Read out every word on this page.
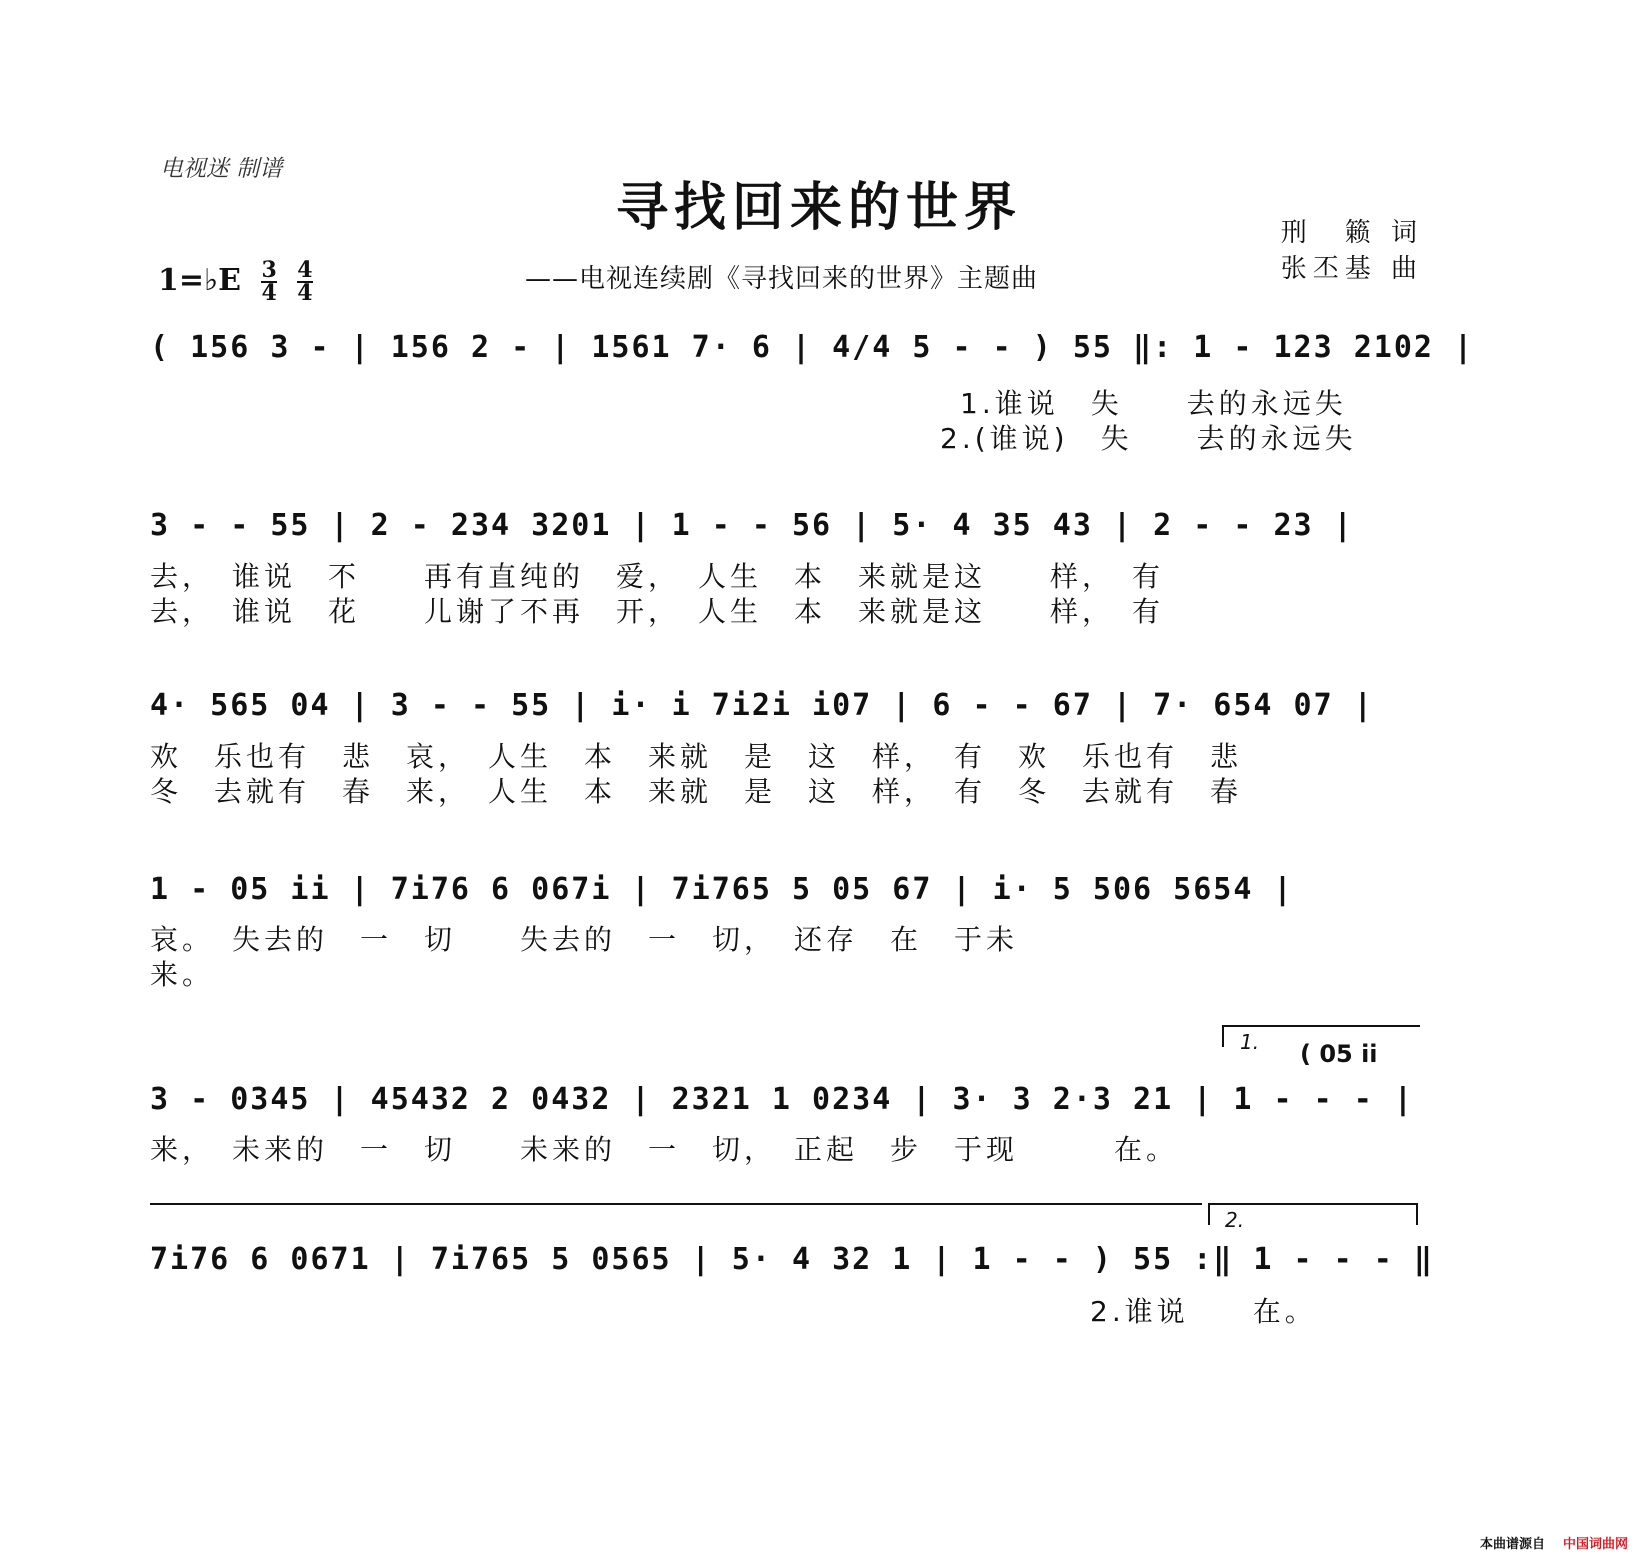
电视迷 制谱
寻找回来的世界	刑　籁 词
张丕基 曲
——电视连续剧《寻找回来的世界》主题曲
1=♭E $\frac{3}{4}$
$\frac{4}{4}$
( 156 3 - | 156 2 - | 1561 7· 6 | 4/4 5 - - ) 55 ‖: 1 - 123 2102 |
1.谁说　失　　去的永远失
2.(谁说)　失　　去的永远失
3 - - 55 | 2 - 234 3201 | 1 - - 56 | 5· 4 35 43 | 2 - - 23 |
去，　谁说　不　　再有直纯的　爱，　人生　本　来就是这　　样，　有
去，　谁说　花　　儿谢了不再　开，　人生　本　来就是这　　样，　有
4· 565 04 | 3 - - 55 | i· i 7i2i i07 | 6 - - 67 | 7· 654 07 |
欢　乐也有　悲　哀，　人生　本　来就　是　这　样，　有　欢　乐也有　悲
冬　去就有　春　来，　人生　本　来就　是　这　样，　有　冬　去就有　春
1 - 05 ii | 7i76 6 067i | 7i765 5 05 67 | i· 5 506 5654 |
哀。　失去的　一　切　　失去的　一　切，　还存　在　于未
来。
1. ( 05 ii
3 - 0345 | 45432 2 0432 | 2321 1 0234 | 3· 3 2·3 21 | 1 - - - |
来，　未来的　一　切　　未来的　一　切，　正起　步　于现　　　在。
2.
7i76 6 0671 | 7i765 5 0565 | 5· 4 32 1 | 1 - - ) 55 :‖ 1 - - - ‖
2.谁说　　在。
本曲谱源自 中国词曲网
